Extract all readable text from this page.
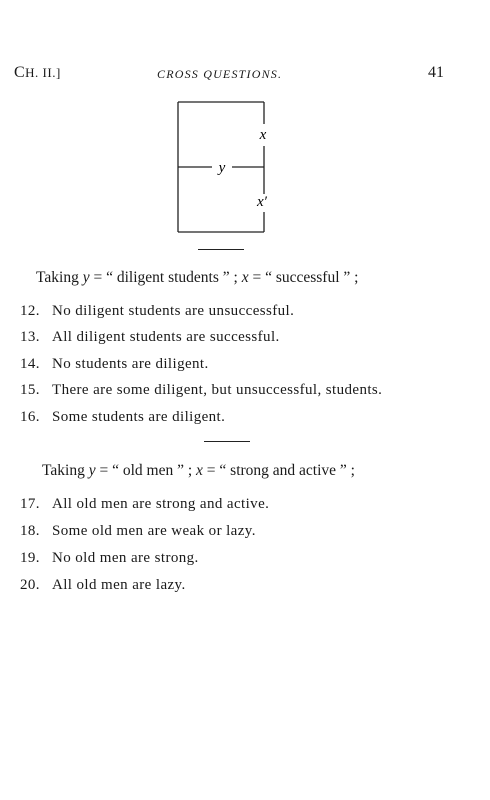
CH. II.]	CROSS QUESTIONS.	41
x
y
x′
Taking y = “ diligent students ” ; x = “ successful ” ;
12. No diligent students are unsuccessful.
13. All diligent students are successful.
14. No students are diligent.
15. There are some diligent, but unsuccessful, students.
16. Some students are diligent.
Taking y = “ old men ” ; x = “ strong and active ” ;
17. All old men are strong and active.
18. Some old men are weak or lazy.
19. No old men are strong.
20. All old men are lazy.
